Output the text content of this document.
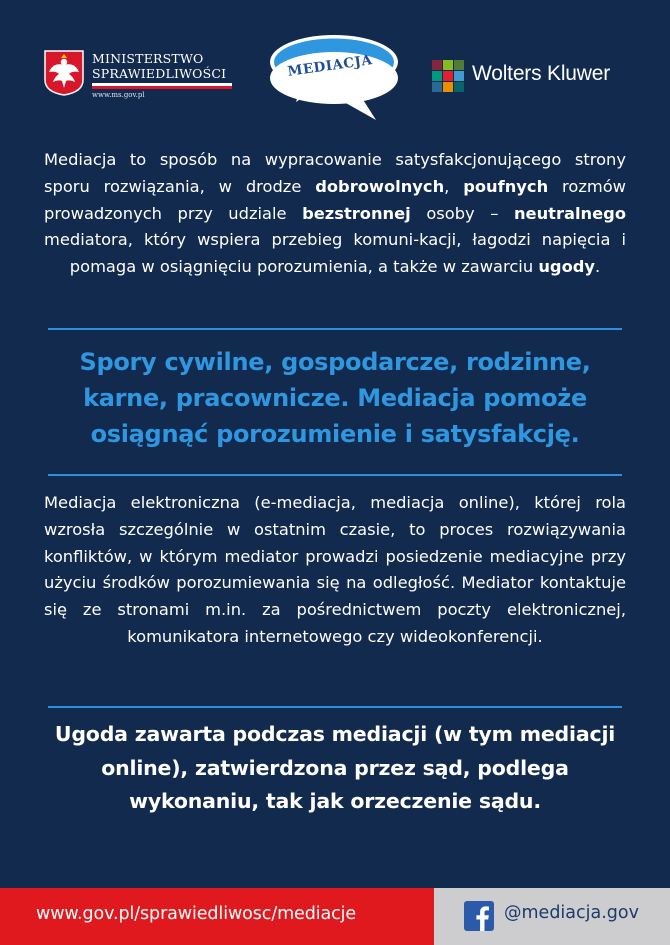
MINISTERSTWO
SPRAWIEDLIWOŚCI
www.ms.gov.pl
MEDIACJA	Wolters Kluwer

Mediacja to sposób na wypracowanie satysfakcjonującego strony sporu rozwiązania, w drodze dobrowolnych, poufnych rozmów prowadzonych przy udziale bezstronnej osoby – neutralnego mediatora, który wspiera przebieg komuni-kacji, łagodzi napięcia i pomaga w osiągnięciu porozumienia, a także w zawarciu ugody.

Spory cywilne, gospodarcze, rodzinne, karne, pracownicze. Mediacja pomoże osiągnąć porozumienie i satysfakcję.

Mediacja elektroniczna (e-mediacja, mediacja online), której rola wzrosła szczególnie w ostatnim czasie, to proces rozwiązywania konfliktów, w którym mediator prowadzi posiedzenie mediacyjne przy użyciu środków porozumiewania się na odległość. Mediator kontaktuje się ze stronami m.in. za pośrednictwem poczty elektronicznej, komunikatora internetowego czy wideokonferencji.

Ugoda zawarta podczas mediacji (w tym mediacji online), zatwierdzona przez sąd, podlega wykonaniu, tak jak orzeczenie sądu.

www.gov.pl/sprawiedliwosc/mediacje	@mediacja.gov
